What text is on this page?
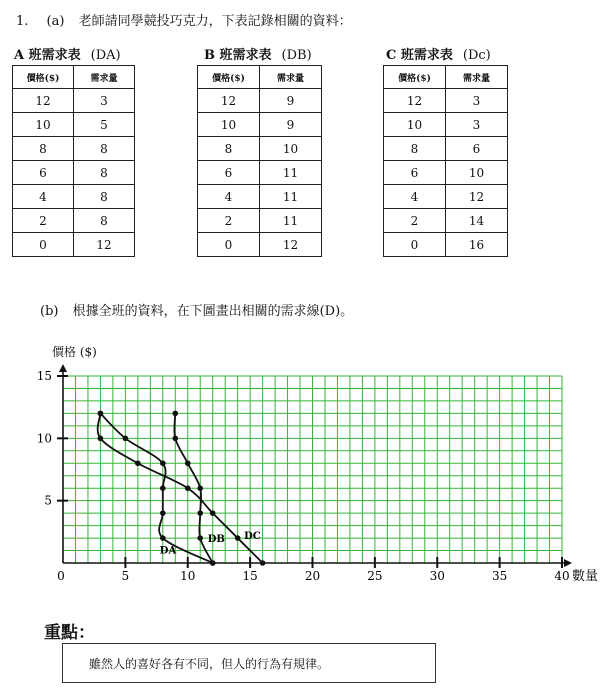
1. (a) 老師請同學競投巧克力，下表記錄相關的資料：
A 班需求表 (DA)
價格($)	需求量
12	3
10	5
8	8
6	8
4	8
2	8
0	12
B 班需求表 (DB)
價格($)	需求量
12	9
10	9
8	10
6	11
4	11
2	11
0	12
C 班需求表 (Dc)
價格($)	需求量
12	3
10	3
8	6
6	10
4	12
2	14
0	16
(b) 根據全班的資料，在下圖畫出相關的需求線(D)。
價格 ($)
0	5	10	15	20	25	30	35	40
5
10
15
DA
DB DC
數量
重點：
雖然人的喜好各有不同，但人的行為有規律。
